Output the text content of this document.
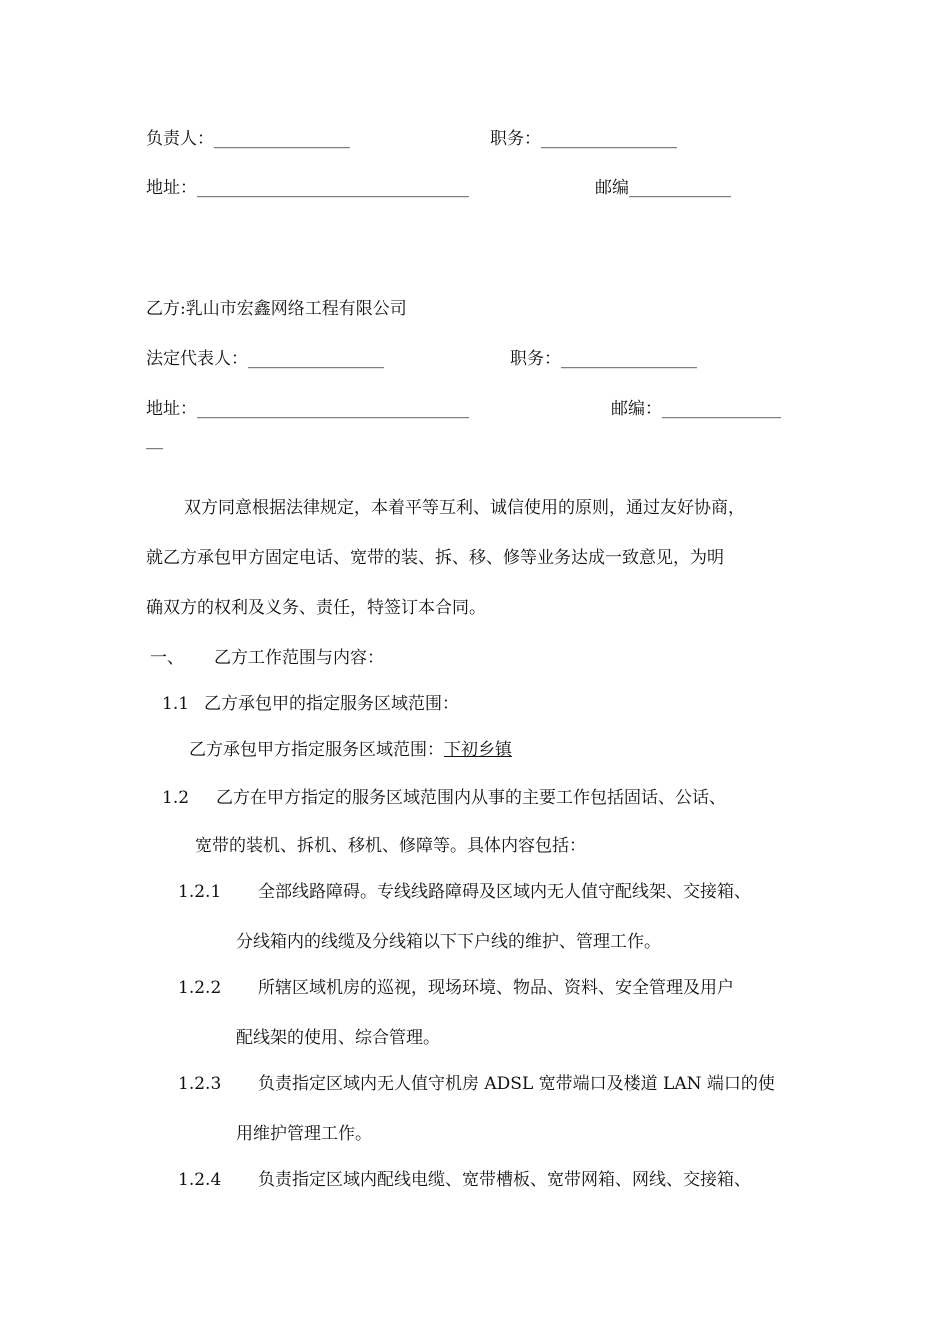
负责人：________________	职务：________________
地址：________________________________	邮编____________
乙方:乳山市宏鑫网络工程有限公司
法定代表人：________________	职务：________________
地址：________________________________	邮编：______________
__
双方同意根据法律规定，本着平等互利、诚信使用的原则，通过友好协商，
就乙方承包甲方固定电话、宽带的装、拆、移、修等业务达成一致意见，为明
确双方的权利及义务、责任，特签订本合同。
一、 乙方工作范围与内容：
1.1 乙方承包甲的指定服务区域范围：
乙方承包甲方指定服务区域范围：下初乡镇
1.2 乙方在甲方指定的服务区域范围内从事的主要工作包括固话、公话、
宽带的装机、拆机、移机、修障等。具体内容包括：
1.2.1 全部线路障碍。专线线路障碍及区域内无人值守配线架、交接箱、
分线箱内的线缆及分线箱以下下户线的维护、管理工作。
1.2.2 所辖区域机房的巡视，现场环境、物品、资料、安全管理及用户
配线架的使用、综合管理。
1.2.3 负责指定区域内无人值守机房 ADSL 宽带端口及楼道 LAN 端口的使
用维护管理工作。
1.2.4 负责指定区域内配线电缆、宽带槽板、宽带网箱、网线、交接箱、
